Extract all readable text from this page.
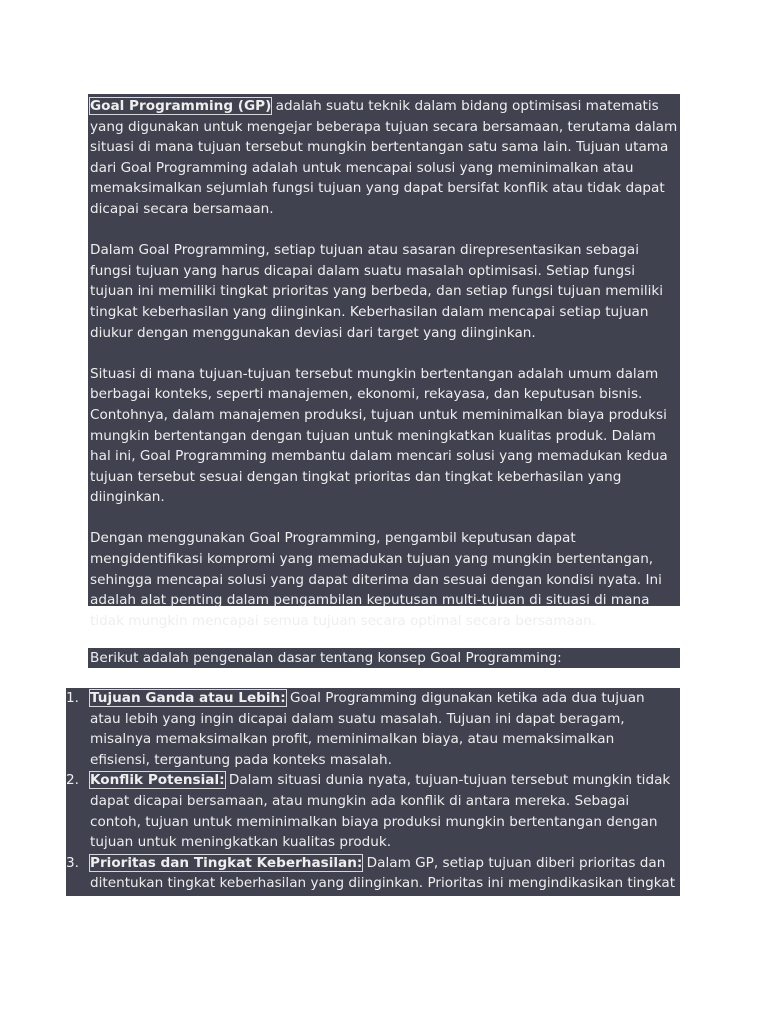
Goal Programming (GP) adalah suatu teknik dalam bidang optimisasi matematis yang digunakan untuk mengejar beberapa tujuan secara bersamaan, terutama dalam situasi di mana tujuan tersebut mungkin bertentangan satu sama lain. Tujuan utama dari Goal Programming adalah untuk mencapai solusi yang meminimalkan atau memaksimalkan sejumlah fungsi tujuan yang dapat bersifat konflik atau tidak dapat dicapai secara bersamaan.

Dalam Goal Programming, setiap tujuan atau sasaran direpresentasikan sebagai fungsi tujuan yang harus dicapai dalam suatu masalah optimisasi. Setiap fungsi tujuan ini memiliki tingkat prioritas yang berbeda, dan setiap fungsi tujuan memiliki tingkat keberhasilan yang diinginkan. Keberhasilan dalam mencapai setiap tujuan diukur dengan menggunakan deviasi dari target yang diinginkan.

Situasi di mana tujuan-tujuan tersebut mungkin bertentangan adalah umum dalam berbagai konteks, seperti manajemen, ekonomi, rekayasa, dan keputusan bisnis. Contohnya, dalam manajemen produksi, tujuan untuk meminimalkan biaya produksi mungkin bertentangan dengan tujuan untuk meningkatkan kualitas produk. Dalam hal ini, Goal Programming membantu dalam mencari solusi yang memadukan kedua tujuan tersebut sesuai dengan tingkat prioritas dan tingkat keberhasilan yang diinginkan.

Dengan menggunakan Goal Programming, pengambil keputusan dapat mengidentifikasi kompromi yang memadukan tujuan yang mungkin bertentangan, sehingga mencapai solusi yang dapat diterima dan sesuai dengan kondisi nyata. Ini adalah alat penting dalam pengambilan keputusan multi-tujuan di situasi di mana tidak mungkin mencapai semua tujuan secara optimal secara bersamaan.

Berikut adalah pengenalan dasar tentang konsep Goal Programming:
1. Tujuan Ganda atau Lebih: Goal Programming digunakan ketika ada dua tujuan atau lebih yang ingin dicapai dalam suatu masalah. Tujuan ini dapat beragam, misalnya memaksimalkan profit, meminimalkan biaya, atau memaksimalkan efisiensi, tergantung pada konteks masalah.
2. Konflik Potensial: Dalam situasi dunia nyata, tujuan-tujuan tersebut mungkin tidak dapat dicapai bersamaan, atau mungkin ada konflik di antara mereka. Sebagai contoh, tujuan untuk meminimalkan biaya produksi mungkin bertentangan dengan tujuan untuk meningkatkan kualitas produk.
3. Prioritas dan Tingkat Keberhasilan: Dalam GP, setiap tujuan diberi prioritas dan ditentukan tingkat keberhasilan yang diinginkan. Prioritas ini mengindikasikan tingkat
